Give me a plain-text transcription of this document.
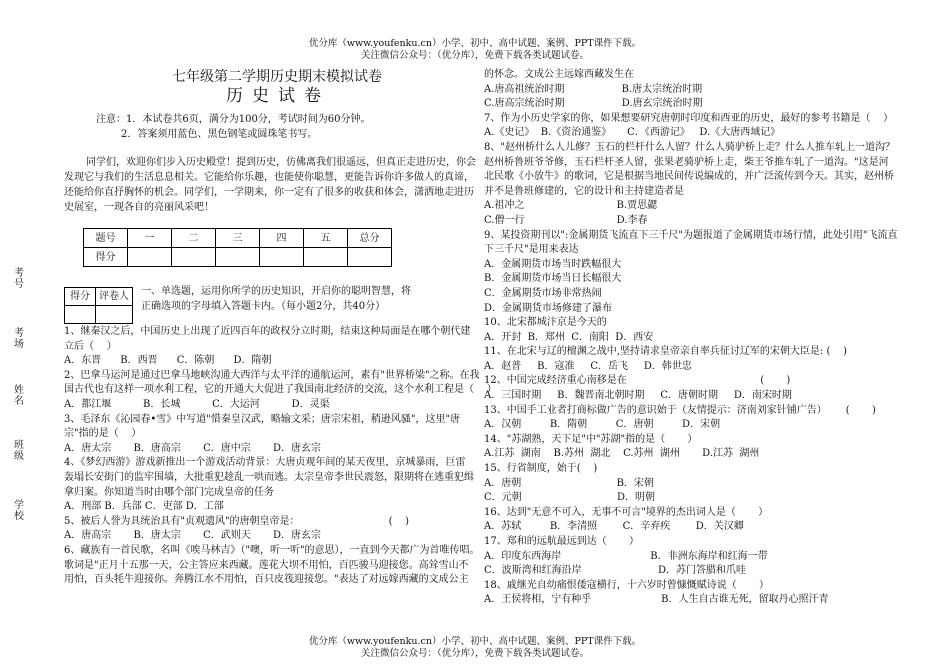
优分库（www.youfenku.cn）小学、初中、高中试题、案例、PPT课件下载。
关注微信公众号：（优分库），免费下载各类试题试卷。
考号
考场
姓名
班级
学校
七年级第二学期历史期末模拟试卷
历史试卷
注意：1．本试卷共6页，满分为100分，考试时间为60分钟。
2．答案须用蓝色、黑色钢笔或圆珠笔书写。
同学们，欢迎你们步入历史殿堂！提到历史，仿佛离我们很遥远，但真正走进历史，你会
发现它与我们的生活息息相关。它能给你乐趣，也能使你聪慧，更能告诉你许多做人的真谛，
还能给你直抒胸怀的机会。同学们，一学期来，你一定有了很多的收获和体会，潇洒地走进历
史展室，一现各自的亮丽风采吧！
题号	一	二	三	四	五	总分
得分						
得分	评卷人
	一、单选题，运用你所学的历史知识，开启你的聪明智慧，将
正确选项的字母填入答题卡内。（每小题2分，共40分）
1、继秦汉之后，中国历史上出现了近四百年的政权分立时期，结束这种局面是在哪个朝代建
立后（    ）
A．东晋      B．西晋      C．陈朝      D．隋朝
2、巴拿马运河是通过巴拿马地峡沟通大西洋与太平洋的通航运河，素有"世界桥梁"之称。在我
国古代也有这样一项水利工程，它的开通大大促进了我国南北经济的交流，这个水利工程是（    ）
A．都江堰          B．长城          C．大运河          D．灵渠
3、毛泽东《沁园春•雪》中写道"惜秦皇汉武，略输文采；唐宗宋祖，稍逊风骚"，这里"唐
宗"指的是（    ）
A．唐太宗       B．唐高宗       C．唐中宗       D．唐玄宗
4、《梦幻西游》游戏新推出一个游戏活动背景：大唐贞观年间的某天夜里，京城暴雨，巨雷
轰塌长安街门的监牢围墙，大批重犯趁乱一哄而逃。太宗皇帝李世民震怒，限期将在逃重犯缉
拿归案。你知道当时由哪个部门完成皇帝的任务
A．刑部 B．兵部 C．吏部 D．工部
5、被后人誉为具统治具有"贞观遗风"的唐朝皇帝是：                            (    )
A．唐高宗       B．唐太宗       C．武则天       D．唐玄宗
6、藏族有一首民歌，名叫《唉马林吉》（"噢，听一听"的意思），一直到今天都广为首唯传唱。
歌词是"正月十五那一天，公主答应来西藏。莲花大坝不用怕，百匹骏马迎接您。高耸雪山不
用怕，百头牦牛迎接你。奔腾江水不用怕，百只皮筏迎接您。"表达了对远嫁西藏的文成公主
的怀念。文成公主远嫁西藏发生在
A.唐高祖统治时期                  B.唐太宗统治时期
C.唐高宗统治时期                  D.唐玄宗统治时期
7、作为小历史学家的你，如果想要研究唐朝时印度和西亚的历史，最好的参考书籍是（    ）
A.《史记》  B.《资治通鉴》     C．《西游记》   D.《大唐西域记》
8、"赵州桥什么人儿修？玉石的栏杆什么人留？什么人骑驴桥上走？什么人推车轧上一道沟？
赵州桥鲁班爷爷修，玉石栏杆圣人留，张果老骑驴桥上走，柴王爷推车轧了一道沟。"这是河
北民歌《小放牛》的歌词，它是根据当地民间传说编成的，并广泛流传到今天。其实，赵州桥
并不是鲁班修建的，它的设计和主持建造者是
A.祖冲之                             B.贾思勰
C.僧一行                             D.李春
9、某投资期刊以":金属期货飞流直下三千尺"为题报道了金属期货市场行情，此处引用"飞流直
下三千尺"是用来表达
A．金属期货市场当时跌幅很大
B．金属期货市场当日长幅很大
C．金属期货市场非常热闹
D．金属期货市场修建了瀑布
10、北宋都城汴京是今天的
A．开封  B．郑州  C．南阳  D．西安
11、在北宋与辽的檀渊之战中,坚持请求皇帝亲自率兵征讨辽军的宋朝大臣是: (    )
A．赵普     B．寇准     C．岳飞     D．韩世忠
12、中国完成经济重心南移是在                                          (       )
A．三国时期     B．魏晋南北朝时期     C．唐朝时期     D．南宋时期
13、中国手工业者打商标做广告的意识始于（友情提示：济南刘家针铺广告）      (       )
A．汉朝         B．隋朝         C．唐朝         D．宋朝
14、"苏湖熟，天下足"中"苏湖"指的是（       ）
A.江苏  湖南    B.苏州  湖北    C.苏州  湖州       D.江苏  湖州
15、行省制度，始于(    )
A．唐朝                              B．宋朝
C．元朝                              D．明朝
16、达到"无意不可入，无事不可言"境界的杰出词人是（       ）
A．苏轼         B．李清照        C．辛弃疾        D．关汉卿
17、郑和的远航最远到达（       ）
A．印度东西海岸                            B．非洲东海岸和红海一带
C．波斯湾和红海沿岸                        D．苏门答腊和爪哇
18、戚继光自幼痛恨倭寇横行，十六岁时曾慷慨赋诗说（       ）
A．王侯将相，宁有种乎                      B．人生自古谁无死，留取丹心照汗青
优分库（www.youfenku.cn）小学、初中、高中试题、案例、PPT课件下载。
关注微信公众号：（优分库），免费下载各类试题试卷。
